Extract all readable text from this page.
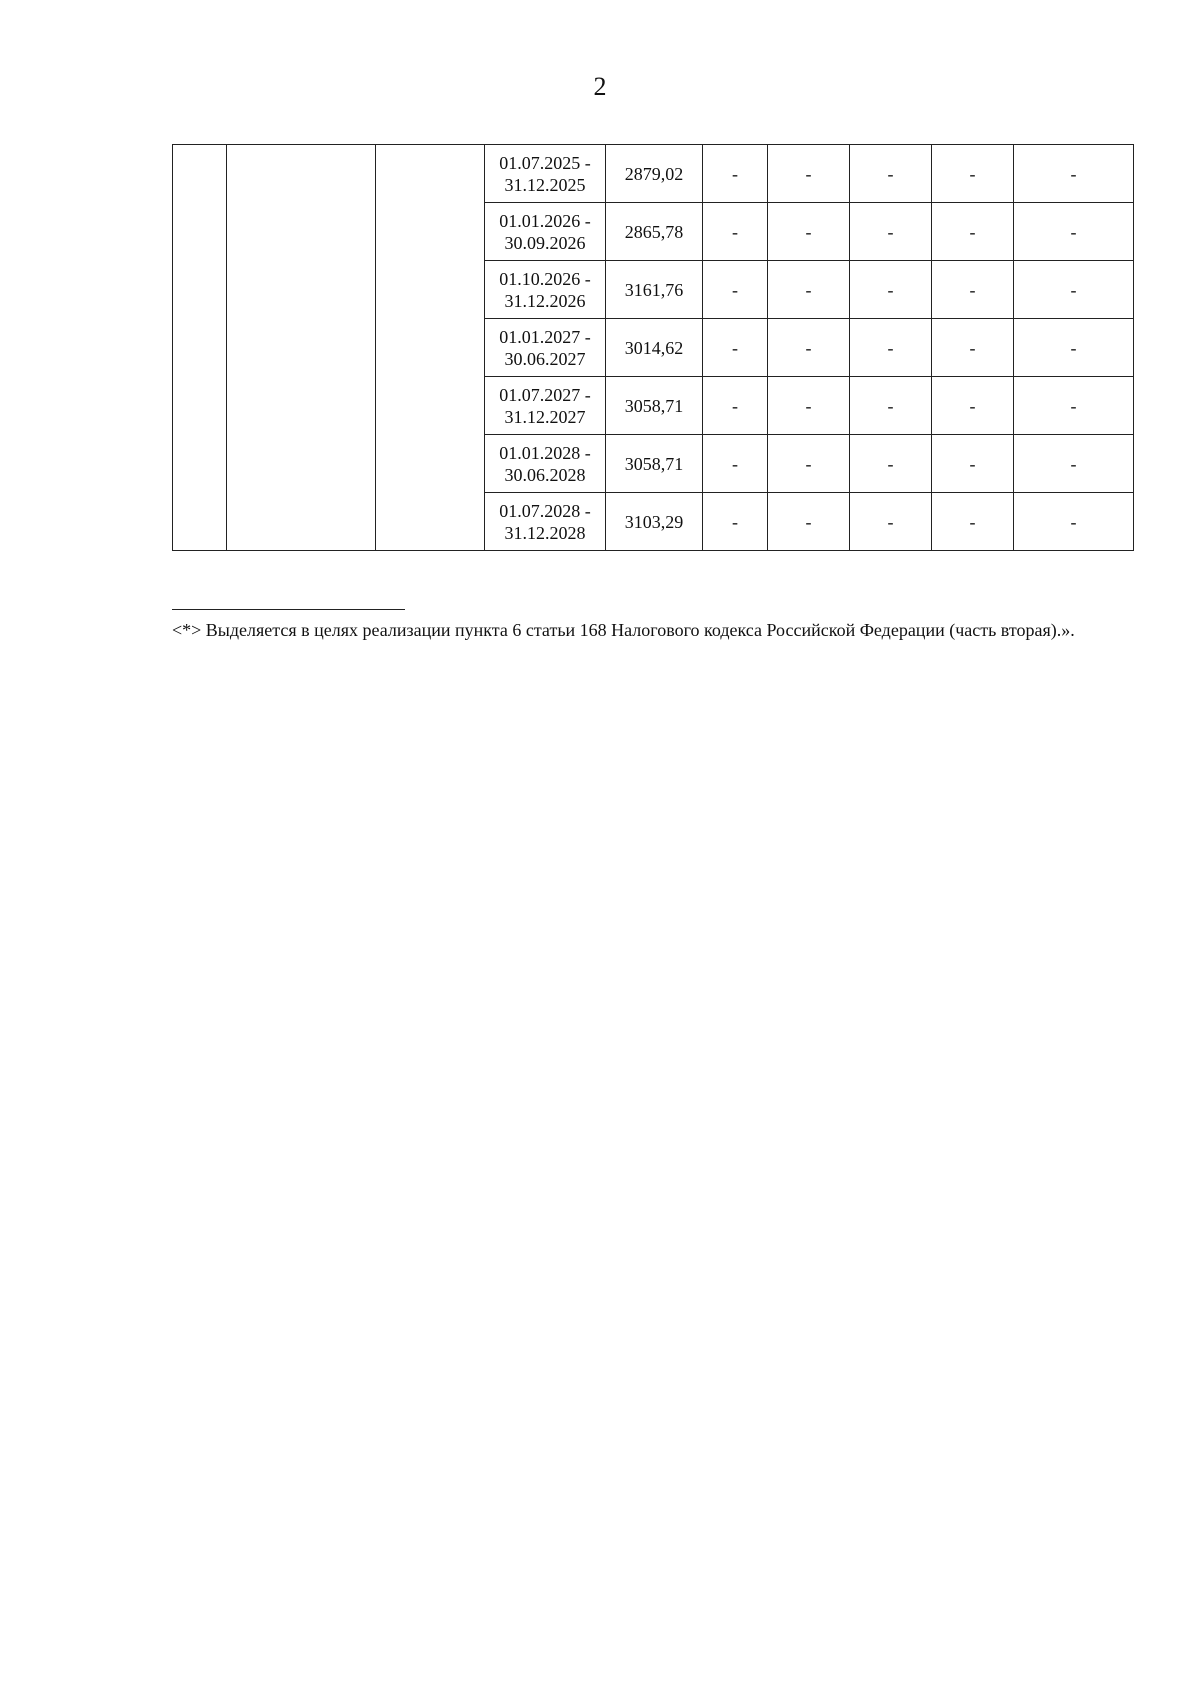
2

			01.07.2025 -
31.12.2025	2879,02	-	-	-	-	-

			01.01.2026 -
30.09.2026	2865,78	-	-	-	-	-

			01.10.2026 -
31.12.2026	3161,76	-	-	-	-	-

			01.01.2027 -
30.06.2027	3014,62	-	-	-	-	-

			01.07.2027 -
31.12.2027	3058,71	-	-	-	-	-

			01.01.2028 -
30.06.2028	3058,71	-	-	-	-	-

			01.07.2028 -
31.12.2028	3103,29	-	-	-	-	-
<*> Выделяется в целях реализации пункта 6 статьи 168 Налогового кодекса Российской Федерации (часть вторая).».
